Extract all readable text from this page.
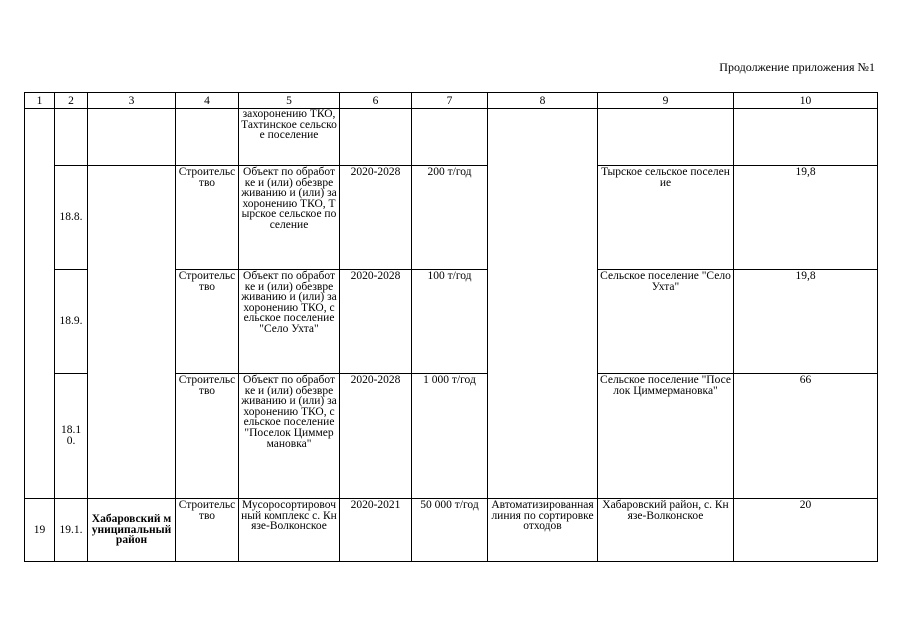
Продолжение приложения №1
1	2	3	4	5	6	7	8	9	10
				захоронению ТКО, Тахтинское сельское поселение					
	18.8.		Строительство	Объект по обработке и (или) обезвреживанию и (или) захоронению ТКО, Тырское сельское поселение	2020-2028	200 т/год		Тырское сельское поселение	19,8
	18.9.		Строительство	Объект по обработке и (или) обезвреживанию и (или) захоронению ТКО, сельское поселение "Село Ухта"	2020-2028	100 т/год		Сельское поселение "Село Ухта"	19,8
	18.10.		Строительство	Объект по обработке и (или) обезвреживанию и (или) захоронению ТКО, сельское поселение "Поселок Циммермановка"	2020-2028	1 000 т/год		Сельское поселение "Поселок Циммермановка"	66
19	19.1.	Хабаровский муниципальный район	Строительство	Мусоросортировочный комплекс с. Князе-Волконское	2020-2021	50 000 т/год	Автоматизированная линия по сортировке отходов	Хабаровский район, с. Князе-Волконское	20
